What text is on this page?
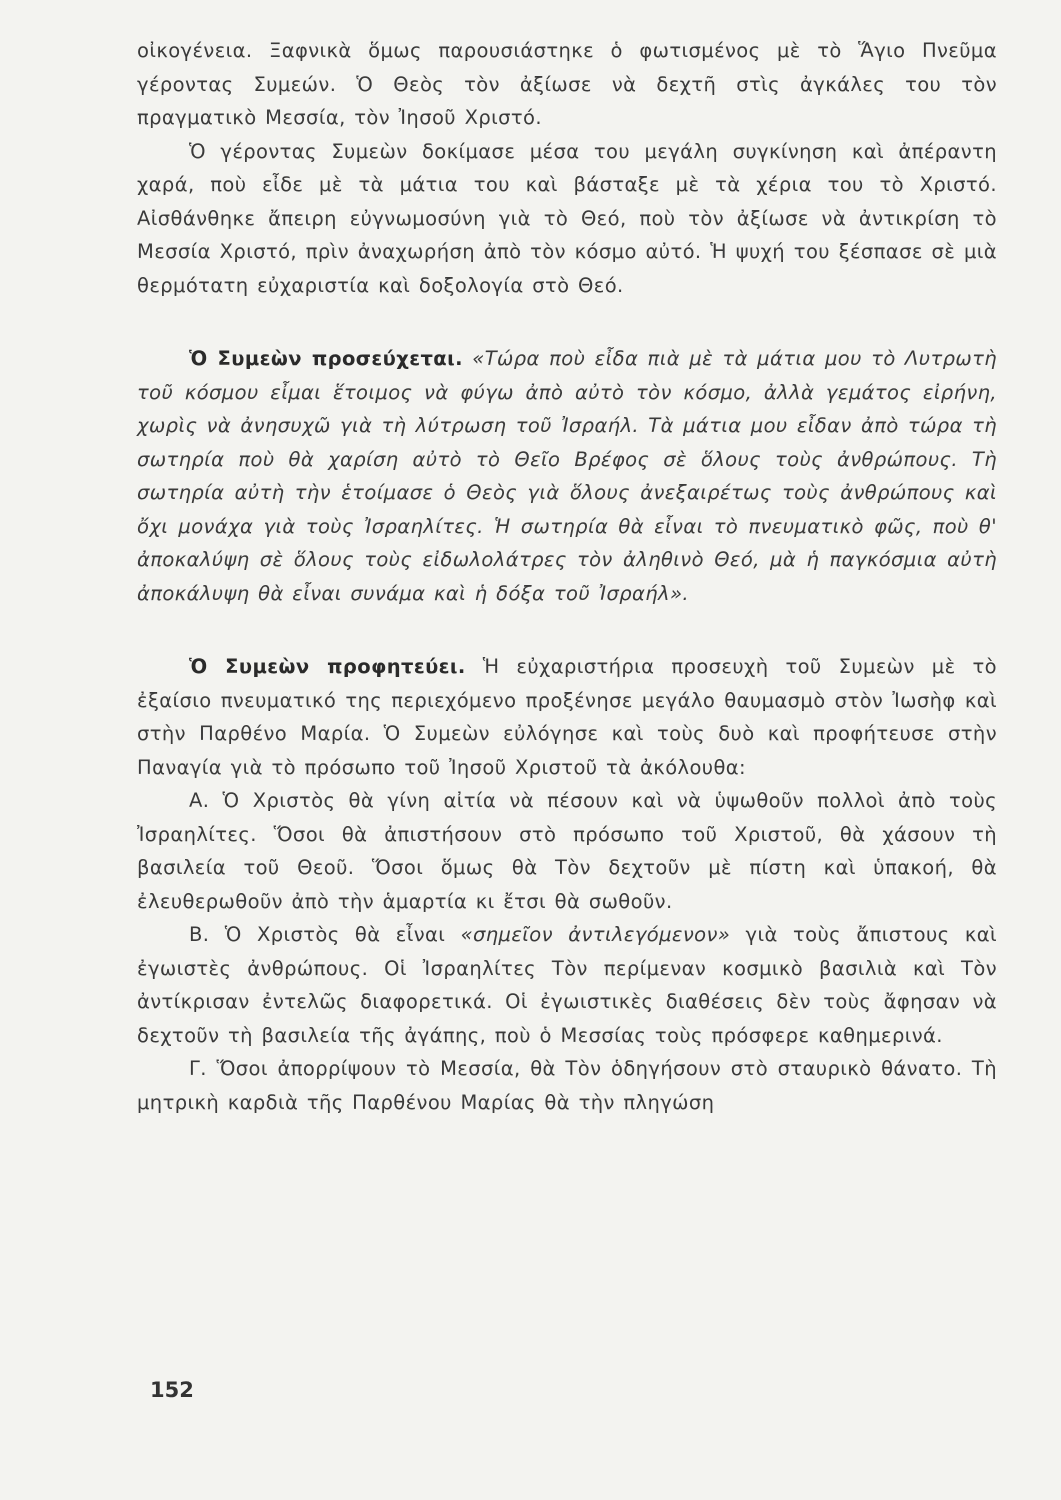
οἰκογένεια. Ξαφνικὰ ὅμως παρουσιάστηκε ὁ φωτισμένος μὲ τὸ Ἅγιο Πνεῦμα γέροντας Συμεών. Ὁ Θεὸς τὸν ἀξίωσε νὰ δεχτῆ στὶς ἀγκάλες του τὸν πραγματικὸ Μεσσία, τὸν Ἰησοῦ Χριστό.

Ὁ γέροντας Συμεὼν δοκίμασε μέσα του μεγάλη συγκίνηση καὶ ἀπέραντη χαρά, ποὺ εἶδε μὲ τὰ μάτια του καὶ βάσταξε μὲ τὰ χέρια του τὸ Χριστό. Αἰσθάνθηκε ἄπειρη εὐγνωμοσύνη γιὰ τὸ Θεό, ποὺ τὸν ἀξίωσε νὰ ἀντικρίση τὸ Μεσσία Χριστό, πρὶν ἀναχωρήση ἀπὸ τὸν κόσμο αὐτό. Ἡ ψυχή του ξέσπασε σὲ μιὰ θερμότατη εὐχαριστία καὶ δοξολογία στὸ Θεό.

Ὁ Συμεὼν προσεύχεται. «Τώρα ποὺ εἶδα πιὰ μὲ τὰ μάτια μου τὸ Λυτρωτὴ τοῦ κόσμου εἶμαι ἕτοιμος νὰ φύγω ἀπὸ αὐτὸ τὸν κόσμο, ἀλλὰ γεμάτος εἰρήνη, χωρὶς νὰ ἀνησυχῶ γιὰ τὴ λύτρωση τοῦ Ἰσραήλ. Τὰ μάτια μου εἶδαν ἀπὸ τώρα τὴ σωτηρία ποὺ θὰ χαρίση αὐτὸ τὸ Θεῖο Βρέφος σὲ ὅλους τοὺς ἀνθρώπους. Τὴ σωτηρία αὐτὴ τὴν ἑτοίμασε ὁ Θεὸς γιὰ ὅλους ἀνεξαιρέτως τοὺς ἀνθρώπους καὶ ὄχι μονάχα γιὰ τοὺς Ἰσραηλίτες. Ἡ σωτηρία θὰ εἶναι τὸ πνευματικὸ φῶς, ποὺ θ' ἀποκαλύψη σὲ ὅλους τοὺς εἰδωλολάτρες τὸν ἀληθινὸ Θεό, μὰ ἡ παγκόσμια αὐτὴ ἀποκάλυψη θὰ εἶναι συνάμα καὶ ἡ δόξα τοῦ Ἰσραήλ».

Ὁ Συμεὼν προφητεύει. Ἡ εὐχαριστήρια προσευχὴ τοῦ Συμεὼν μὲ τὸ ἐξαίσιο πνευματικό της περιεχόμενο προξένησε μεγάλο θαυμασμὸ στὸν Ἰωσὴφ καὶ στὴν Παρθένο Μαρία. Ὁ Συμεὼν εὐλόγησε καὶ τοὺς δυὸ καὶ προφήτευσε στὴν Παναγία γιὰ τὸ πρόσωπο τοῦ Ἰησοῦ Χριστοῦ τὰ ἀκόλουθα:

Α. Ὁ Χριστὸς θὰ γίνη αἰτία νὰ πέσουν καὶ νὰ ὑψωθοῦν πολλοὶ ἀπὸ τοὺς Ἰσραηλίτες. Ὅσοι θὰ ἀπιστήσουν στὸ πρόσωπο τοῦ Χριστοῦ, θὰ χάσουν τὴ βασιλεία τοῦ Θεοῦ. Ὅσοι ὅμως θὰ Τὸν δεχτοῦν μὲ πίστη καὶ ὑπακοή, θὰ ἐλευθερωθοῦν ἀπὸ τὴν ἁμαρτία κι ἔτσι θὰ σωθοῦν.

Β. Ὁ Χριστὸς θὰ εἶναι «σημεῖον ἀντιλεγόμενον» γιὰ τοὺς ἄπιστους καὶ ἐγωιστὲς ἀνθρώπους. Οἱ Ἰσραηλίτες Τὸν περίμεναν κοσμικὸ βασιλιὰ καὶ Τὸν ἀντίκρισαν ἐντελῶς διαφορετικά. Οἱ ἐγωιστικὲς διαθέσεις δὲν τοὺς ἄφησαν νὰ δεχτοῦν τὴ βασιλεία τῆς ἀγάπης, ποὺ ὁ Μεσσίας τοὺς πρόσφερε καθημερινά.

Γ. Ὅσοι ἀπορρίψουν τὸ Μεσσία, θὰ Τὸν ὁδηγήσουν στὸ σταυρικὸ θάνατο. Τὴ μητρικὴ καρδιὰ τῆς Παρθένου Μαρίας θὰ τὴν πληγώση

152
